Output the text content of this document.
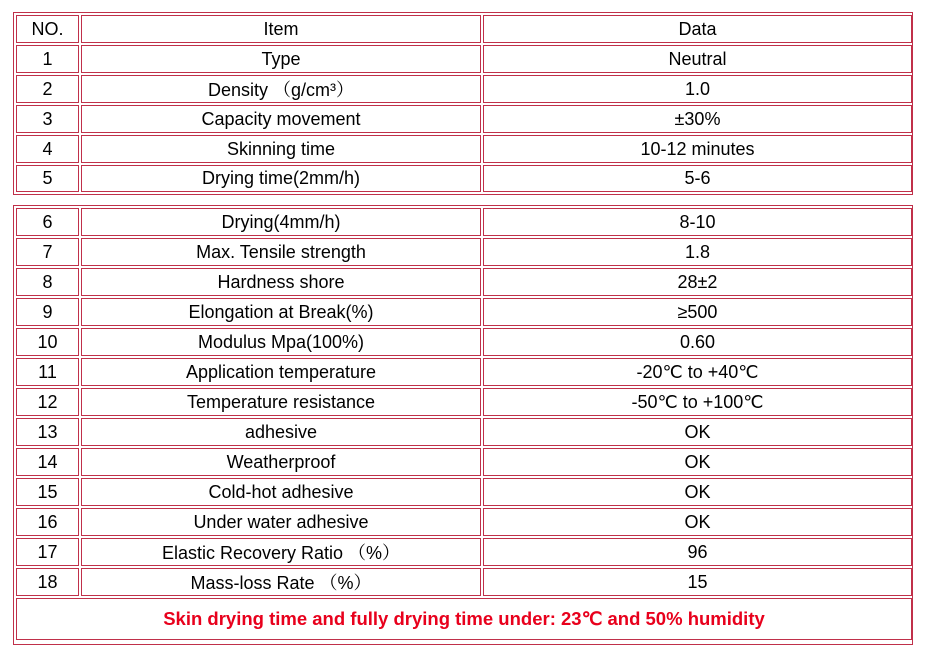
NO.	Item	Data
1	Type	Neutral
2	Density （g/cm³）	1.0
3	Capacity movement	±30%
4	Skinning time	10-12 minutes
5	Drying time(2mm/h)	5-6
6	Drying(4mm/h)	8-10
7	Max. Tensile strength	1.8
8	Hardness shore	28±2
9	Elongation at Break(%)	≥500
10	Modulus Mpa(100%)	0.60
11	Application temperature	-20℃ to +40℃
12	Temperature resistance	-50℃ to +100℃
13	adhesive	OK
14	Weatherproof	OK
15	Cold-hot adhesive	OK
16	Under water adhesive	OK
17	Elastic Recovery Ratio （%）	96
18	Mass-loss Rate （%）	15
Skin drying time and fully drying time under: 23℃ and 50% humidity
